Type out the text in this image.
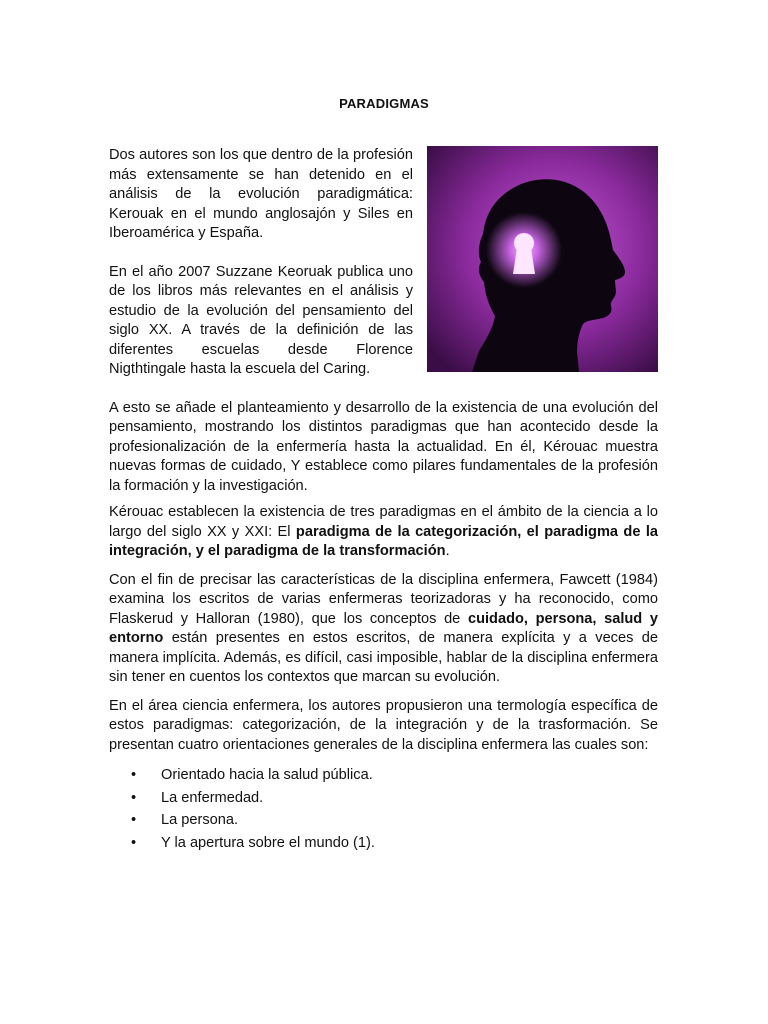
PARADIGMAS

Dos autores son los que dentro de la profesión más extensamente se han detenido en el análisis de la evolución paradigmática: Kerouak en el mundo anglosajón y Siles en Iberoamérica y España.

En el año 2007 Suzzane Keoruak publica uno de los libros más relevantes en el análisis y estudio de la evolución del pensamiento del siglo XX. A través de la definición de las diferentes escuelas desde Florence Nigthtingale hasta la escuela del Caring.

A esto se añade el planteamiento y desarrollo de la existencia de una evolución del pensamiento, mostrando los distintos paradigmas que han acontecido desde la profesionalización de la enfermería hasta la actualidad. En él, Kérouac muestra nuevas formas de cuidado, Y establece como pilares fundamentales de la profesión la formación y la investigación.

Kérouac establecen la existencia de tres paradigmas en el ámbito de la ciencia a lo largo del siglo XX y XXI: El paradigma de la categorización, el paradigma de la integración, y el paradigma de la transformación.

Con el fin de precisar las características de la disciplina enfermera, Fawcett (1984) examina los escritos de varias enfermeras teorizadoras y ha reconocido, como Flaskerud y Halloran (1980), que los conceptos de cuidado, persona, salud y entorno están presentes en estos escritos, de manera explícita y a veces de manera implícita. Además, es difícil, casi imposible, hablar de la disciplina enfermera sin tener en cuentos los contextos que marcan su evolución.

En el área ciencia enfermera, los autores propusieron una termología específica de estos paradigmas: categorización, de la integración y de la trasformación. Se presentan cuatro orientaciones generales de la disciplina enfermera las cuales son:

• Orientado hacia la salud pública.
• La enfermedad.
• La persona.
• Y la apertura sobre el mundo (1).
